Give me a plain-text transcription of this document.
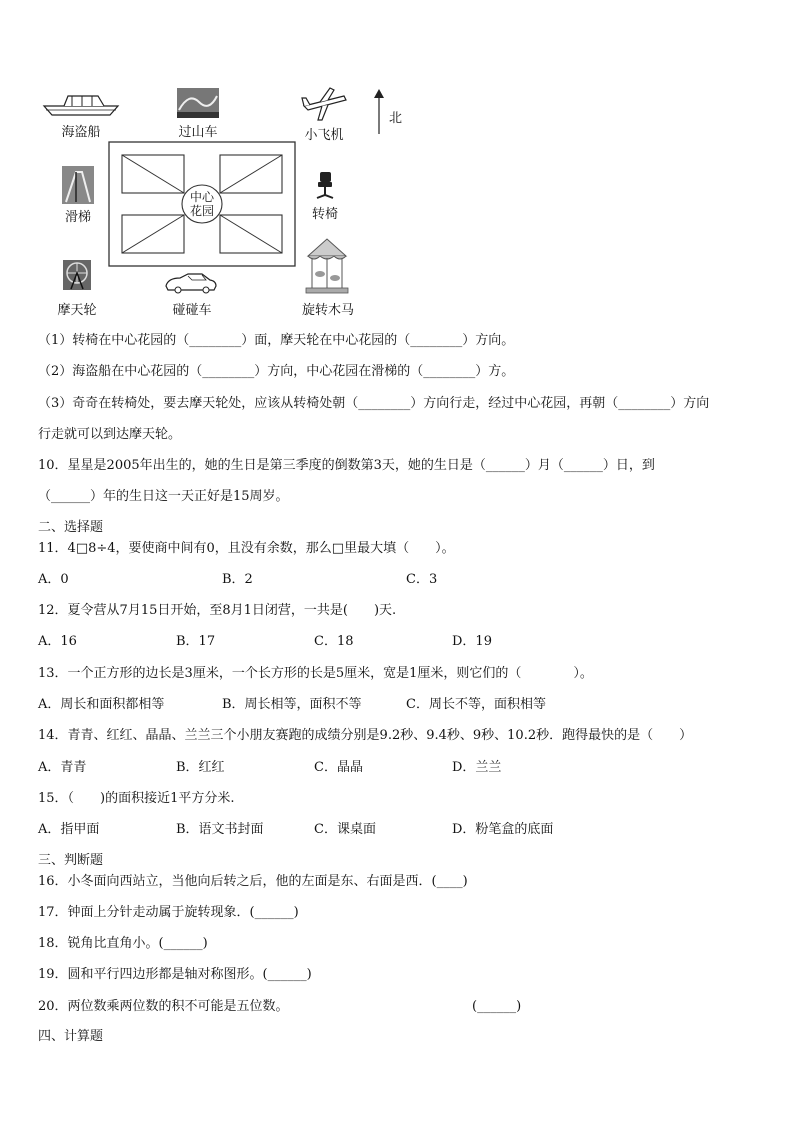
海盗船	过山车	小飞机
北
滑梯	转椅
中心
花园
摩天轮	碰碰车	旋转木马
（1）转椅在中心花园的（________）面，摩天轮在中心花园的（________）方向。
（2）海盗船在中心花园的（________）方向，中心花园在滑梯的（________）方。
（3）奇奇在转椅处，要去摩天轮处，应该从转椅处朝（________）方向行走，经过中心花园，再朝（________）方向
行走就可以到达摩天轮。
10．星星是2005年出生的，她的生日是第三季度的倒数第3天，她的生日是（______）月（______）日，到
（______）年的生日这一天正好是15周岁。
二、选择题
11．4□8÷4，要使商中间有0，且没有余数，那么□里最大填（　　）。
A．0	B．2	C．3
12．夏令营从7月15日开始，至8月1日闭营，一共是(　　)天.
A．16	B．17	C．18	D．19
13．一个正方形的边长是3厘米，一个长方形的长是5厘米，宽是1厘米，则它们的（　　　　）。
A．周长和面积都相等	B．周长相等，面积不等	C．周长不等，面积相等
14．青青、红红、晶晶、兰兰三个小朋友赛跑的成绩分别是9.2秒、9.4秒、9秒、10.2秒．跑得最快的是（　　）
A．青青	B．红红	C．晶晶	D．兰兰
15．（　　)的面积接近1平方分米.
A．指甲面	B．语文书封面	C．课桌面	D．粉笔盒的底面
三、判断题
16．小冬面向西站立，当他向后转之后，他的左面是东、右面是西．(____)
17．钟面上分针走动属于旋转现象．(______)
18．锐角比直角小。(______)
19．圆和平行四边形都是轴对称图形。(______)
20．两位数乘两位数的积不可能是五位数。	(______)
四、计算题
